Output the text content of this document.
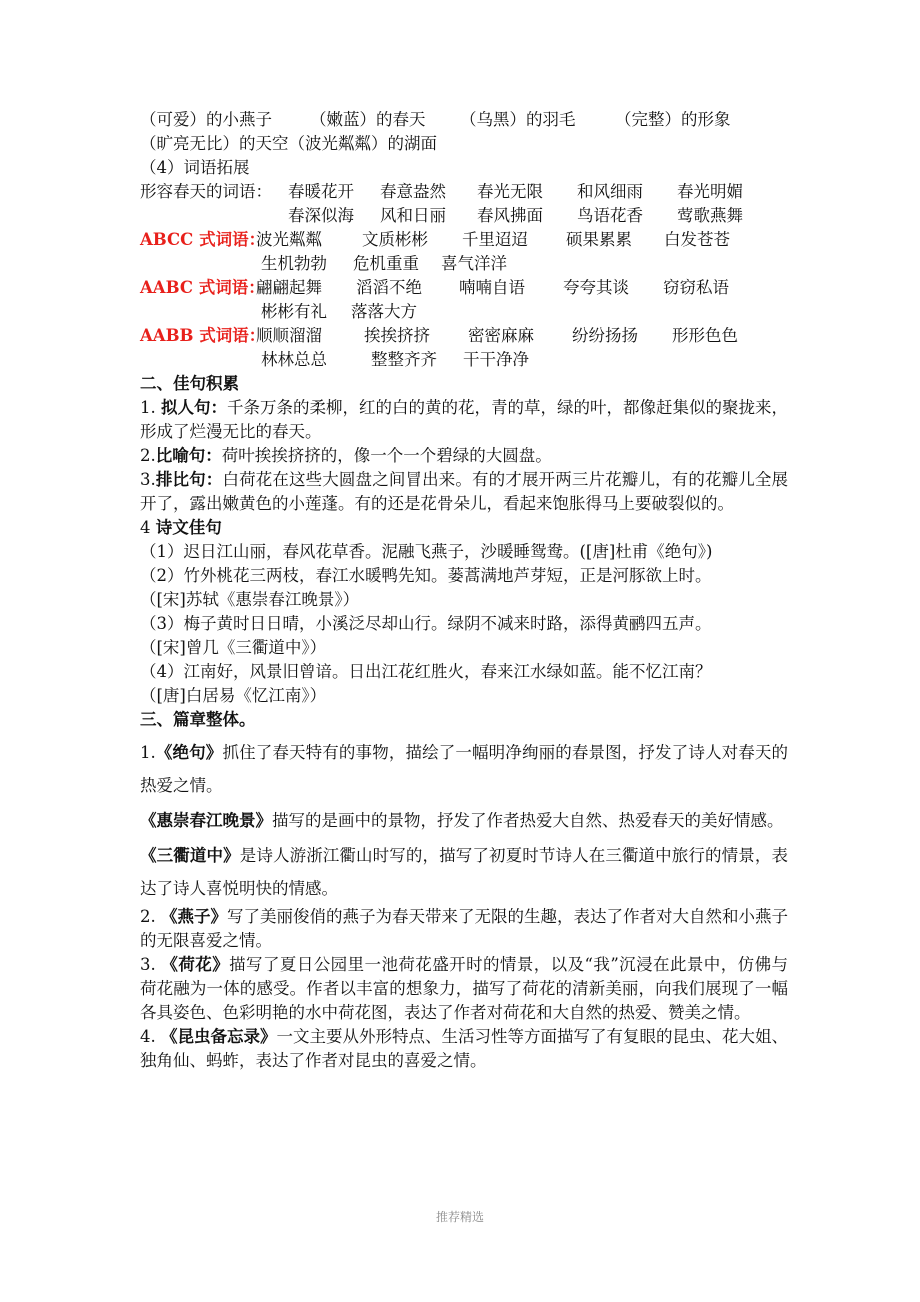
（可爱）的小燕子 （嫩蓝）的春天 （乌黑）的羽毛 （完整）的形象
（旷亮无比）的天空（波光粼粼）的湖面
（4）词语拓展
形容春天的词语： 春暖花开 春意盎然 春光无限 和风细雨 春光明媚
春深似海 风和日丽 春风拂面 鸟语花香 莺歌燕舞
ABCC 式词语：波光粼粼 文质彬彬 千里迢迢 硕果累累 白发苍苍
生机勃勃 危机重重 喜气洋洋
AABC 式词语：翩翩起舞 滔滔不绝 喃喃自语 夸夸其谈 窃窃私语
彬彬有礼 落落大方
AABB 式词语：顺顺溜溜	挨挨挤挤 密密麻麻 纷纷扬扬 形形色色
林林总总	整整齐齐 干干净净
二、佳句积累
1. 拟人句：千条万条的柔柳，红的白的黄的花，青的草，绿的叶，都像赶集似的聚拢来，形成了烂漫无比的春天。
2.比喻句：荷叶挨挨挤挤的，像一个一个碧绿的大圆盘。
3.排比句：白荷花在这些大圆盘之间冒出来。有的才展开两三片花瓣儿，有的花瓣儿全展开了，露出嫩黄色的小莲蓬。有的还是花骨朵儿，看起来饱胀得马上要破裂似的。
4 诗文佳句
（1）迟日江山丽，春风花草香。泥融飞燕子，沙暖睡鸳鸯。([唐]杜甫《绝句》)
（2）竹外桃花三两枝，春江水暖鸭先知。蒌蒿满地芦芽短，正是河豚欲上时。
（[宋]苏轼《惠崇春江晚景》）
（3）梅子黄时日日晴，小溪泛尽却山行。绿阴不减来时路，添得黄鹂四五声。
（[宋]曾几《三衢道中》）
（4）江南好，风景旧曾谙。日出江花红胜火，春来江水绿如蓝。能不忆江南？
（[唐]白居易《忆江南》）
三、篇章整体。
1.《绝句》抓住了春天特有的事物，描绘了一幅明净绚丽的春景图，抒发了诗人对春天的热爱之情。
《惠崇春江晚景》描写的是画中的景物，抒发了作者热爱大自然、热爱春天的美好情感。
《三衢道中》是诗人游浙江衢山时写的，描写了初夏时节诗人在三衢道中旅行的情景，表达了诗人喜悦明快的情感。
2. 《燕子》写了美丽俊俏的燕子为春天带来了无限的生趣，表达了作者对大自然和小燕子的无限喜爱之情。
3. 《荷花》描写了夏日公园里一池荷花盛开时的情景，以及“我”沉浸在此景中，仿佛与荷花融为一体的感受。作者以丰富的想象力，描写了荷花的清新美丽，向我们展现了一幅各具姿色、色彩明艳的水中荷花图，表达了作者对荷花和大自然的热爱、赞美之情。
4. 《昆虫备忘录》一文主要从外形特点、生活习性等方面描写了有复眼的昆虫、花大姐、独角仙、蚂蚱，表达了作者对昆虫的喜爱之情。
推荐精选
